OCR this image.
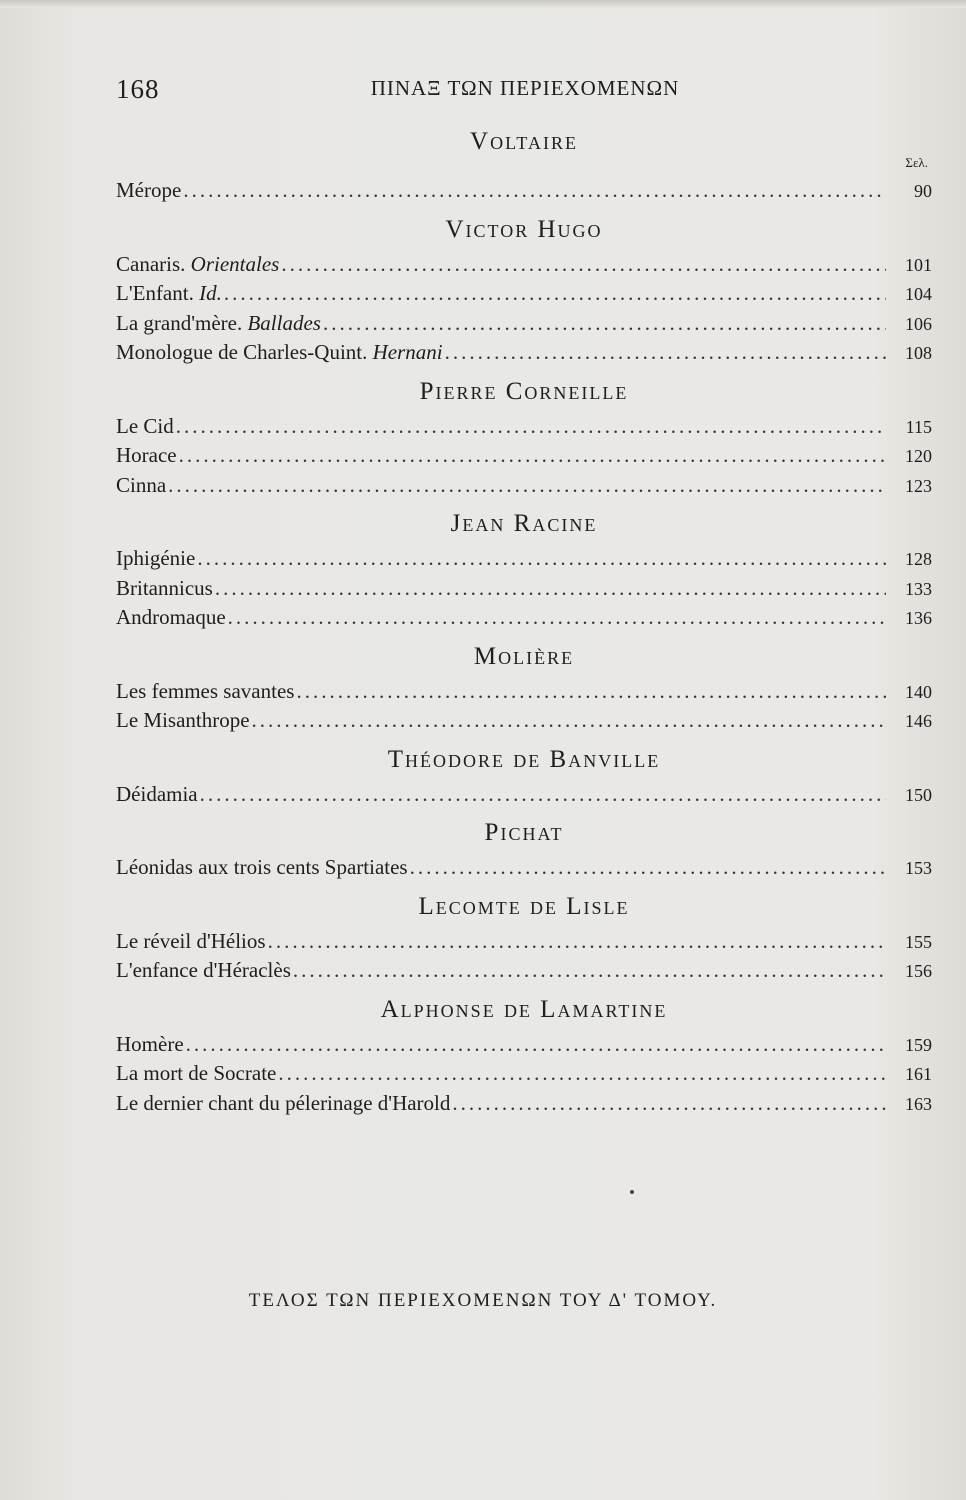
168	ΠΙΝΑΞ ΤΩΝ ΠΕΡΙΕΧΟΜΕΝΩΝ
Σελ.
Voltaire
Mérope .....	90
Victor Hugo
Canaris. Orientales .....	101
L'Enfant. Id. .....	104
La grand'mère. Ballades .....	106
Monologue de Charles-Quint. Hernani .....	108
Pierre Corneille
Le Cid .....	115
Horace .....	120
Cinna .....	123
Jean Racine
Iphigénie .....	128
Britannicus .....	133
Andromaque .....	136
Molière
Les femmes savantes .....	140
Le Misanthrope .....	146
Théodore de Banville
Déidamia .....	150
Pichat
Léonidas aux trois cents Spartiates .....	153
Lecomte de Lisle
Le réveil d'Hélios .....	155
L'enfance d'Héraclès .....	156
Alphonse de Lamartine
Homère .....	159
La mort de Socrate .....	161
Le dernier chant du pélerinage d'Harold .....	163
ΤΕΛΟΣ ΤΩΝ ΠΕΡΙΕΧΟΜΕΝΩΝ ΤΟΥ Δ' ΤΟΜΟΥ.
